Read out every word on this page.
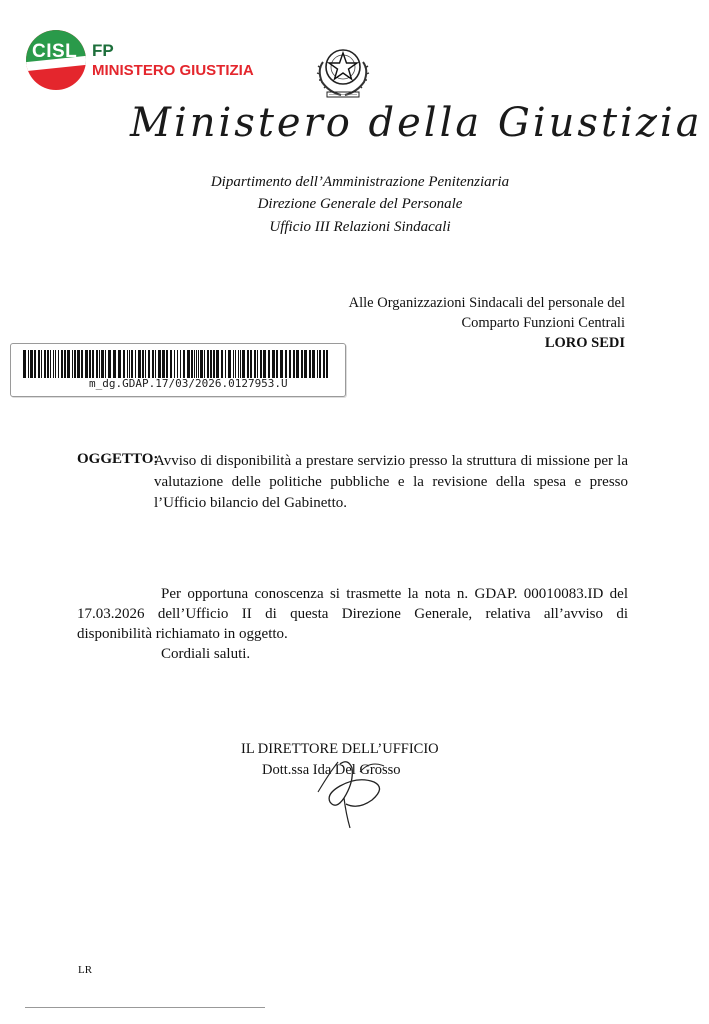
CISL FP
MINISTERO GIUSTIZIA
Ministero della Giustizia
Dipartimento dell’Amministrazione Penitenziaria
Direzione Generale del Personale
Ufficio III Relazioni Sindacali
Alle Organizzazioni Sindacali del personale del
Comparto Funzioni Centrali
LORO SEDI
m_dg.GDAP.17/03/2026.0127953.U
OGGETTO:
Avviso di disponibilità a prestare servizio presso la struttura di missione per la valutazione delle politiche pubbliche e la revisione della spesa e presso l’Ufficio bilancio del Gabinetto.
Per opportuna conoscenza si trasmette la nota n. GDAP. 00010083.ID del
17.03.2026 dell’Ufficio II di questa Direzione Generale, relativa all’avviso di
disponibilità richiamato in oggetto.
Cordiali saluti.
IL DIRETTORE DELL’UFFICIO
Dott.ssa Ida Del Grosso
LR
